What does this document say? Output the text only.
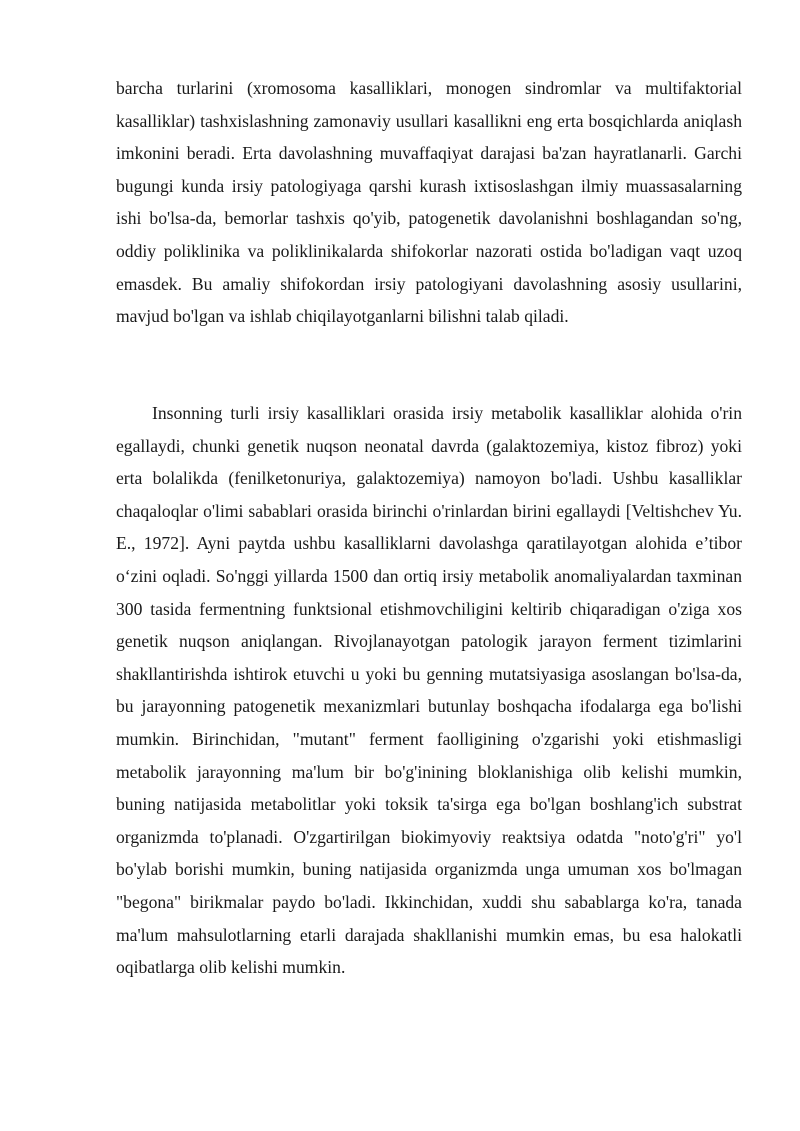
barcha turlarini (xromosoma kasalliklari, monogen sindromlar va multifaktorial kasalliklar) tashxislashning zamonaviy usullari kasallikni eng erta bosqichlarda aniqlash imkonini beradi. Erta davolashning muvaffaqiyat darajasi ba'zan hayratlanarli. Garchi bugungi kunda irsiy patologiyaga qarshi kurash ixtisoslashgan ilmiy muassasalarning ishi bo'lsa-da, bemorlar tashxis qo'yib, patogenetik davolanishni boshlagandan so'ng, oddiy poliklinika va poliklinikalarda shifokorlar nazorati ostida bo'ladigan vaqt uzoq emasdek. Bu amaliy shifokordan irsiy patologiyani davolashning asosiy usullarini, mavjud bo'lgan va ishlab chiqilayotganlarni bilishni talab qiladi.

Insonning turli irsiy kasalliklari orasida irsiy metabolik kasalliklar alohida o'rin egallaydi, chunki genetik nuqson neonatal davrda (galaktozemiya, kistoz fibroz) yoki erta bolalikda (fenilketonuriya, galaktozemiya) namoyon bo'ladi. Ushbu kasalliklar chaqaloqlar o'limi sabablari orasida birinchi o'rinlardan birini egallaydi [Veltishchev Yu. E., 1972]. Ayni paytda ushbu kasalliklarni davolashga qaratilayotgan alohida e’tibor o‘zini oqladi. So'nggi yillarda 1500 dan ortiq irsiy metabolik anomaliyalardan taxminan 300 tasida fermentning funktsional etishmovchiligini keltirib chiqaradigan o'ziga xos genetik nuqson aniqlangan. Rivojlanayotgan patologik jarayon ferment tizimlarini shakllantirishda ishtirok etuvchi u yoki bu genning mutatsiyasiga asoslangan bo'lsa-da, bu jarayonning patogenetik mexanizmlari butunlay boshqacha ifodalarga ega bo'lishi mumkin. Birinchidan, "mutant" ferment faolligining o'zgarishi yoki etishmasligi metabolik jarayonning ma'lum bir bo'g'inining bloklanishiga olib kelishi mumkin, buning natijasida metabolitlar yoki toksik ta'sirga ega bo'lgan boshlang'ich substrat organizmda to'planadi. O'zgartirilgan biokimyoviy reaktsiya odatda "noto'g'ri" yo'l bo'ylab borishi mumkin, buning natijasida organizmda unga umuman xos bo'lmagan "begona" birikmalar paydo bo'ladi. Ikkinchidan, xuddi shu sabablarga ko'ra, tanada ma'lum mahsulotlarning etarli darajada shakllanishi mumkin emas, bu esa halokatli oqibatlarga olib kelishi mumkin.
